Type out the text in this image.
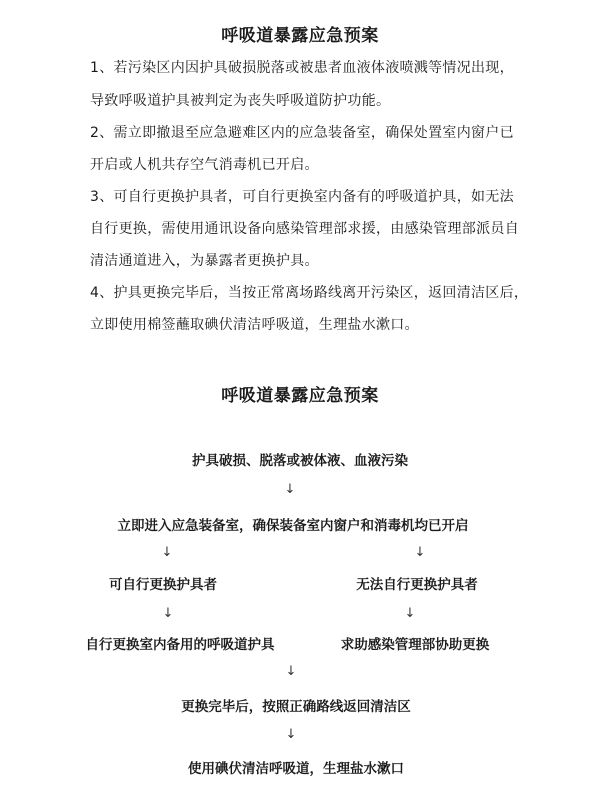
呼吸道暴露应急预案
1、若污染区内因护具破损脱落或被患者血液体液喷溅等情况出现，
导致呼吸道护具被判定为丧失呼吸道防护功能。
2、需立即撤退至应急避难区内的应急装备室，确保处置室内窗户已
开启或人机共存空气消毒机已开启。
3、可自行更换护具者，可自行更换室内备有的呼吸道护具，如无法
自行更换，需使用通讯设备向感染管理部求援，由感染管理部派员自
清洁通道进入，为暴露者更换护具。
4、护具更换完毕后，当按正常离场路线离开污染区，返回清洁区后，
立即使用棉签蘸取碘伏清洁呼吸道，生理盐水漱口。
呼吸道暴露应急预案
护具破损、脱落或被体液、血液污染
↓
立即进入应急装备室，确保装备室内窗户和消毒机均已开启
↓	↓
可自行更换护具者	无法自行更换护具者
↓	↓
自行更换室内备用的呼吸道护具	求助感染管理部协助更换
↓
更换完毕后，按照正确路线返回清洁区
↓
使用碘伏清洁呼吸道，生理盐水漱口
